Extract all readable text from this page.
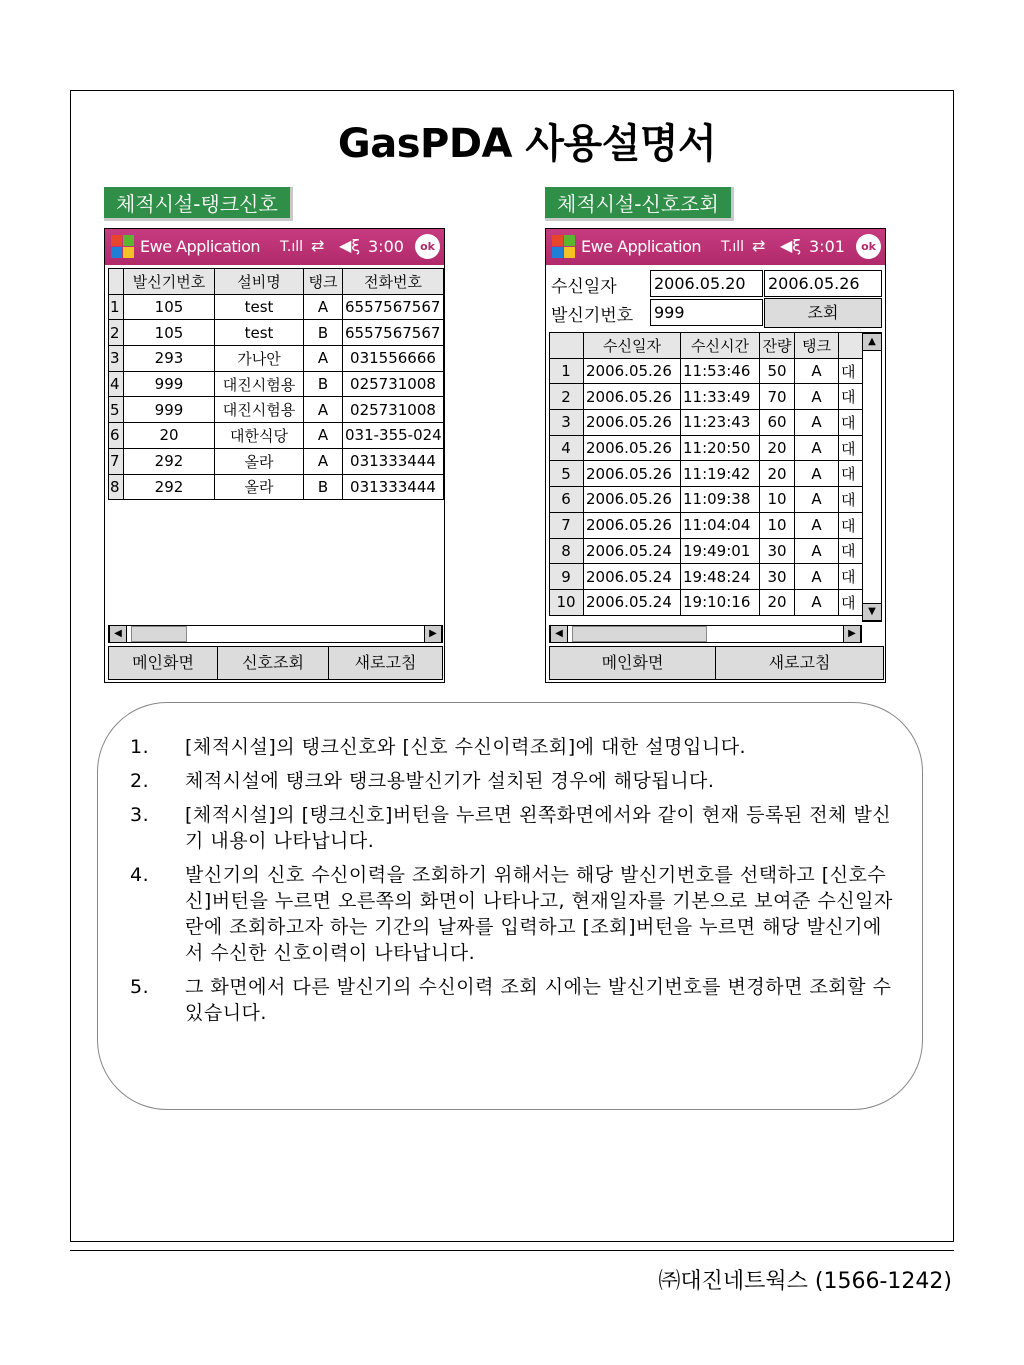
GasPDA 사용설명서
체적시설-탱크신호
Ewe Application T.ıll ⇄ ◀ξ 3:00	ok
	발신기번호	설비명	탱크	전화번호
1	105	test	A	6557567567
2	105	test	B	6557567567
3	293	가나안	A	031556666
4	999	대진시험용	B	025731008
5	999	대진시험용	A	025731008
6	20	대한식당	A	031-355-024
7	292	올라	A	031333444
8	292	올라	B	031333444
◀	▶
메인화면	신호조회	새로고침
체적시설-신호조회
Ewe Application T.ıll ⇄ ◀ξ 3:01	ok
수신일자 2006.05.20	2006.05.26
발신기번호 999	조회
	수신일자	수신시간	잔량	탱크	
1	2006.05.26	11:53:46	50	A	대
2	2006.05.26	11:33:49	70	A	대
3	2006.05.26	11:23:43	60	A	대
4	2006.05.26	11:20:50	20	A	대
5	2006.05.26	11:19:42	20	A	대
6	2006.05.26	11:09:38	10	A	대
7	2006.05.26	11:04:04	10	A	대
8	2006.05.24	19:49:01	30	A	대
9	2006.05.24	19:48:24	30	A	대
10	2006.05.24	19:10:16	20	A	대
▲
▼
◀	▶
메인화면	새로고침
1. [체적시설]의 탱크신호와 [신호 수신이력조회]에 대한 설명입니다.
2. 체적시설에 탱크와 탱크용발신기가 설치된 경우에 해당됩니다.
3. [체적시설]의 [탱크신호]버턴을 누르면 왼쪽화면에서와 같이 현재 등록된 전체 발신기 내용이 나타납니다.
4. 발신기의 신호 수신이력을 조회하기 위해서는 해당 발신기번호를 선택하고 [신호수신]버턴을 누르면 오른쪽의 화면이 나타나고, 현재일자를 기본으로 보여준 수신일자 란에 조회하고자 하는 기간의 날짜를 입력하고 [조회]버턴을 누르면 해당 발신기에서 수신한 신호이력이 나타납니다.
5. 그 화면에서 다른 발신기의 수신이력 조회 시에는 발신기번호를 변경하면 조회할 수 있습니다.
㈜대진네트웍스 (1566-1242)
